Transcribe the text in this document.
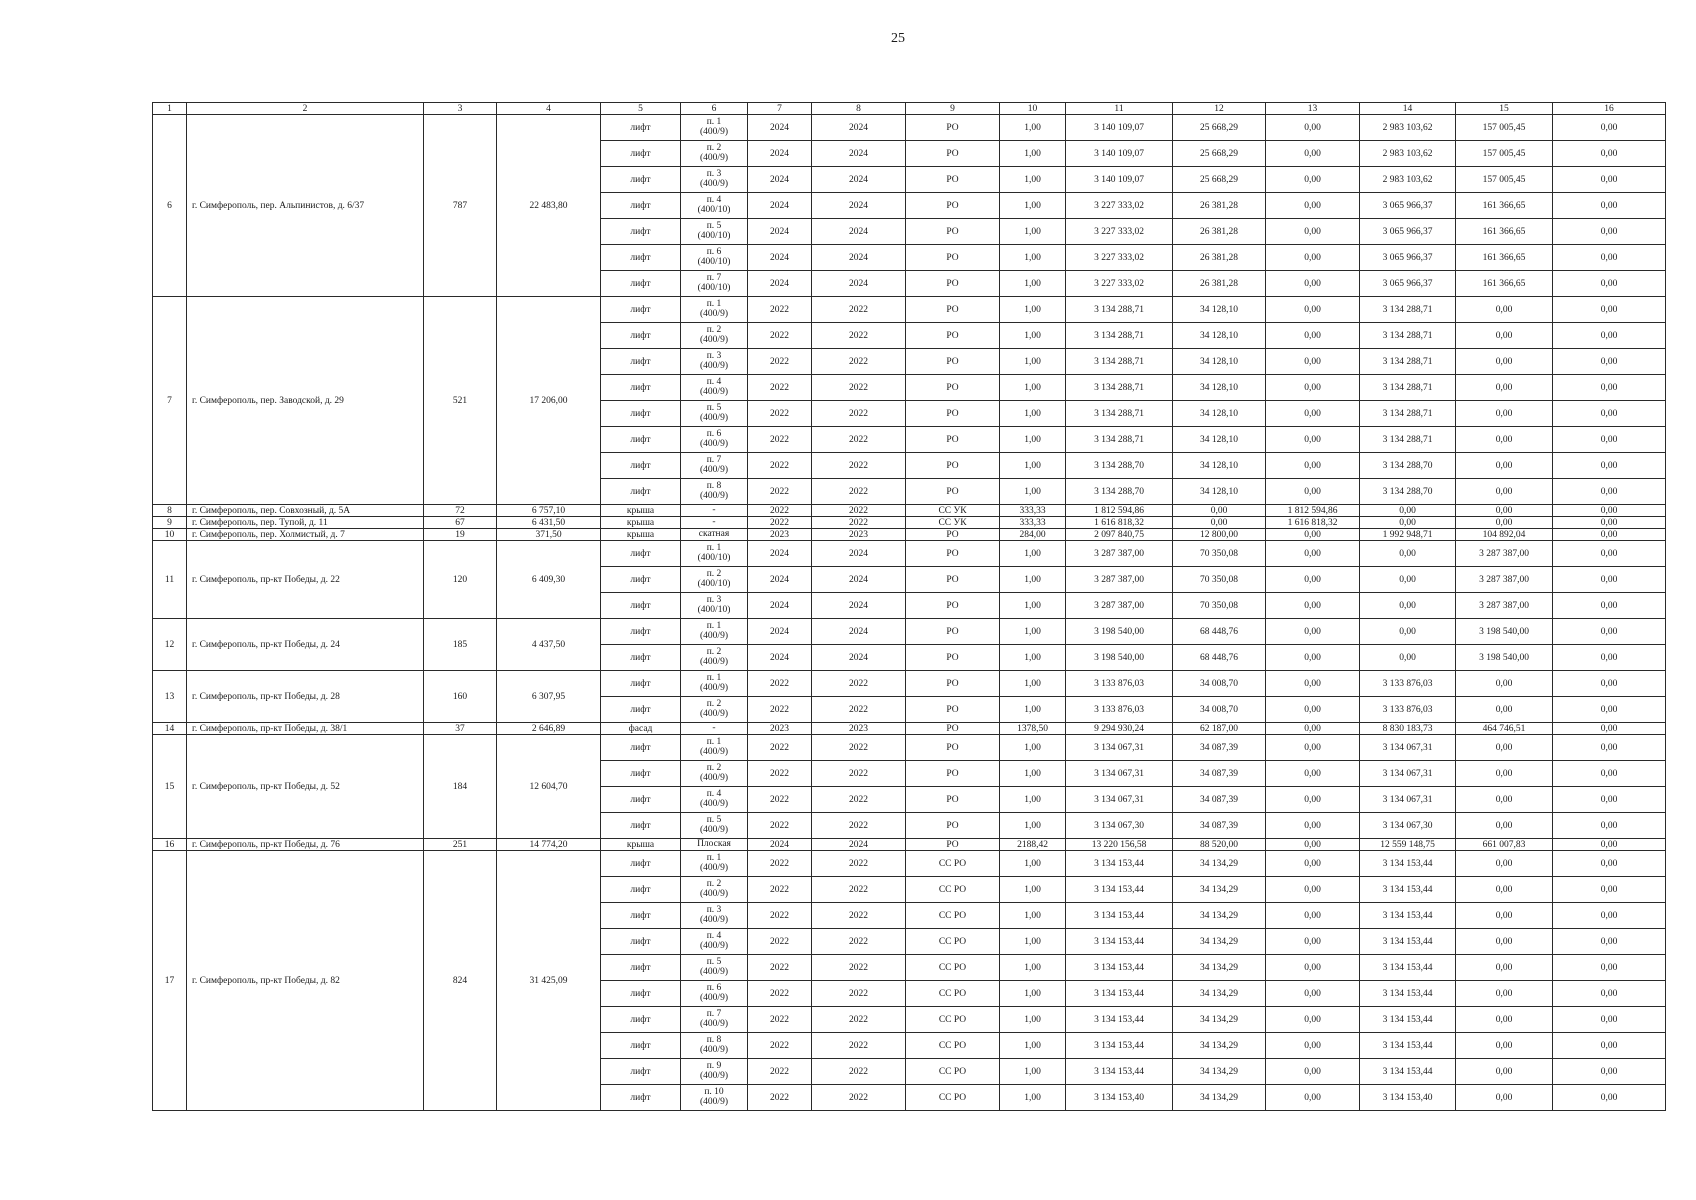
25
1	2	3	4	5	6	7	8	9	10	11	12	13	14	15	16
6	г. Симферополь, пер. Альпинистов, д. 6/37	787	22 483,80	лифт	п. 1
(400/9)	2024	2024	РО	1,00	3 140 109,07	25 668,29	0,00	2 983 103,62	157 005,45	0,00
				лифт	п. 2
(400/9)	2024	2024	РО	1,00	3 140 109,07	25 668,29	0,00	2 983 103,62	157 005,45	0,00
				лифт	п. 3
(400/9)	2024	2024	РО	1,00	3 140 109,07	25 668,29	0,00	2 983 103,62	157 005,45	0,00
				лифт	п. 4
(400/10)	2024	2024	РО	1,00	3 227 333,02	26 381,28	0,00	3 065 966,37	161 366,65	0,00
				лифт	п. 5
(400/10)	2024	2024	РО	1,00	3 227 333,02	26 381,28	0,00	3 065 966,37	161 366,65	0,00
				лифт	п. 6
(400/10)	2024	2024	РО	1,00	3 227 333,02	26 381,28	0,00	3 065 966,37	161 366,65	0,00
				лифт	п. 7
(400/10)	2024	2024	РО	1,00	3 227 333,02	26 381,28	0,00	3 065 966,37	161 366,65	0,00
7	г. Симферополь, пер. Заводской, д. 29	521	17 206,00	лифт	п. 1
(400/9)	2022	2022	РО	1,00	3 134 288,71	34 128,10	0,00	3 134 288,71	0,00	0,00
				лифт	п. 2
(400/9)	2022	2022	РО	1,00	3 134 288,71	34 128,10	0,00	3 134 288,71	0,00	0,00
				лифт	п. 3
(400/9)	2022	2022	РО	1,00	3 134 288,71	34 128,10	0,00	3 134 288,71	0,00	0,00
				лифт	п. 4
(400/9)	2022	2022	РО	1,00	3 134 288,71	34 128,10	0,00	3 134 288,71	0,00	0,00
				лифт	п. 5
(400/9)	2022	2022	РО	1,00	3 134 288,71	34 128,10	0,00	3 134 288,71	0,00	0,00
				лифт	п. 6
(400/9)	2022	2022	РО	1,00	3 134 288,71	34 128,10	0,00	3 134 288,71	0,00	0,00
				лифт	п. 7
(400/9)	2022	2022	РО	1,00	3 134 288,70	34 128,10	0,00	3 134 288,70	0,00	0,00
				лифт	п. 8
(400/9)	2022	2022	РО	1,00	3 134 288,70	34 128,10	0,00	3 134 288,70	0,00	0,00
8	г. Симферополь, пер. Совхозный, д. 5А	72	6 757,10	крыша	-	2022	2022	СС УК	333,33	1 812 594,86	0,00	1 812 594,86	0,00	0,00	0,00
9	г. Симферополь, пер. Тупой, д. 11	67	6 431,50	крыша	-	2022	2022	СС УК	333,33	1 616 818,32	0,00	1 616 818,32	0,00	0,00	0,00
10	г. Симферополь, пер. Холмистый, д. 7	19	371,50	крыша	скатная	2023	2023	РО	284,00	2 097 840,75	12 800,00	0,00	1 992 948,71	104 892,04	0,00
11	г. Симферополь, пр-кт Победы, д. 22	120	6 409,30	лифт	п. 1
(400/10)	2024	2024	РО	1,00	3 287 387,00	70 350,08	0,00	0,00	3 287 387,00	0,00
				лифт	п. 2
(400/10)	2024	2024	РО	1,00	3 287 387,00	70 350,08	0,00	0,00	3 287 387,00	0,00
				лифт	п. 3
(400/10)	2024	2024	РО	1,00	3 287 387,00	70 350,08	0,00	0,00	3 287 387,00	0,00
12	г. Симферополь, пр-кт Победы, д. 24	185	4 437,50	лифт	п. 1
(400/9)	2024	2024	РО	1,00	3 198 540,00	68 448,76	0,00	0,00	3 198 540,00	0,00
				лифт	п. 2
(400/9)	2024	2024	РО	1,00	3 198 540,00	68 448,76	0,00	0,00	3 198 540,00	0,00
13	г. Симферополь, пр-кт Победы, д. 28	160	6 307,95	лифт	п. 1
(400/9)	2022	2022	РО	1,00	3 133 876,03	34 008,70	0,00	3 133 876,03	0,00	0,00
				лифт	п. 2
(400/9)	2022	2022	РО	1,00	3 133 876,03	34 008,70	0,00	3 133 876,03	0,00	0,00
14	г. Симферополь, пр-кт Победы, д. 38/1	37	2 646,89	фасад	-	2023	2023	РО	1378,50	9 294 930,24	62 187,00	0,00	8 830 183,73	464 746,51	0,00
15	г. Симферополь, пр-кт Победы, д. 52	184	12 604,70	лифт	п. 1
(400/9)	2022	2022	РО	1,00	3 134 067,31	34 087,39	0,00	3 134 067,31	0,00	0,00
				лифт	п. 2
(400/9)	2022	2022	РО	1,00	3 134 067,31	34 087,39	0,00	3 134 067,31	0,00	0,00
				лифт	п. 4
(400/9)	2022	2022	РО	1,00	3 134 067,31	34 087,39	0,00	3 134 067,31	0,00	0,00
				лифт	п. 5
(400/9)	2022	2022	РО	1,00	3 134 067,30	34 087,39	0,00	3 134 067,30	0,00	0,00
16	г. Симферополь, пр-кт Победы, д. 76	251	14 774,20	крыша	Плоская	2024	2024	РО	2188,42	13 220 156,58	88 520,00	0,00	12 559 148,75	661 007,83	0,00
17	г. Симферополь, пр-кт Победы, д. 82	824	31 425,09	лифт	п. 1
(400/9)	2022	2022	СС РО	1,00	3 134 153,44	34 134,29	0,00	3 134 153,44	0,00	0,00
				лифт	п. 2
(400/9)	2022	2022	СС РО	1,00	3 134 153,44	34 134,29	0,00	3 134 153,44	0,00	0,00
				лифт	п. 3
(400/9)	2022	2022	СС РО	1,00	3 134 153,44	34 134,29	0,00	3 134 153,44	0,00	0,00
				лифт	п. 4
(400/9)	2022	2022	СС РО	1,00	3 134 153,44	34 134,29	0,00	3 134 153,44	0,00	0,00
				лифт	п. 5
(400/9)	2022	2022	СС РО	1,00	3 134 153,44	34 134,29	0,00	3 134 153,44	0,00	0,00
				лифт	п. 6
(400/9)	2022	2022	СС РО	1,00	3 134 153,44	34 134,29	0,00	3 134 153,44	0,00	0,00
				лифт	п. 7
(400/9)	2022	2022	СС РО	1,00	3 134 153,44	34 134,29	0,00	3 134 153,44	0,00	0,00
				лифт	п. 8
(400/9)	2022	2022	СС РО	1,00	3 134 153,44	34 134,29	0,00	3 134 153,44	0,00	0,00
				лифт	п. 9
(400/9)	2022	2022	СС РО	1,00	3 134 153,44	34 134,29	0,00	3 134 153,44	0,00	0,00
				лифт	п. 10
(400/9)	2022	2022	СС РО	1,00	3 134 153,40	34 134,29	0,00	3 134 153,40	0,00	0,00
